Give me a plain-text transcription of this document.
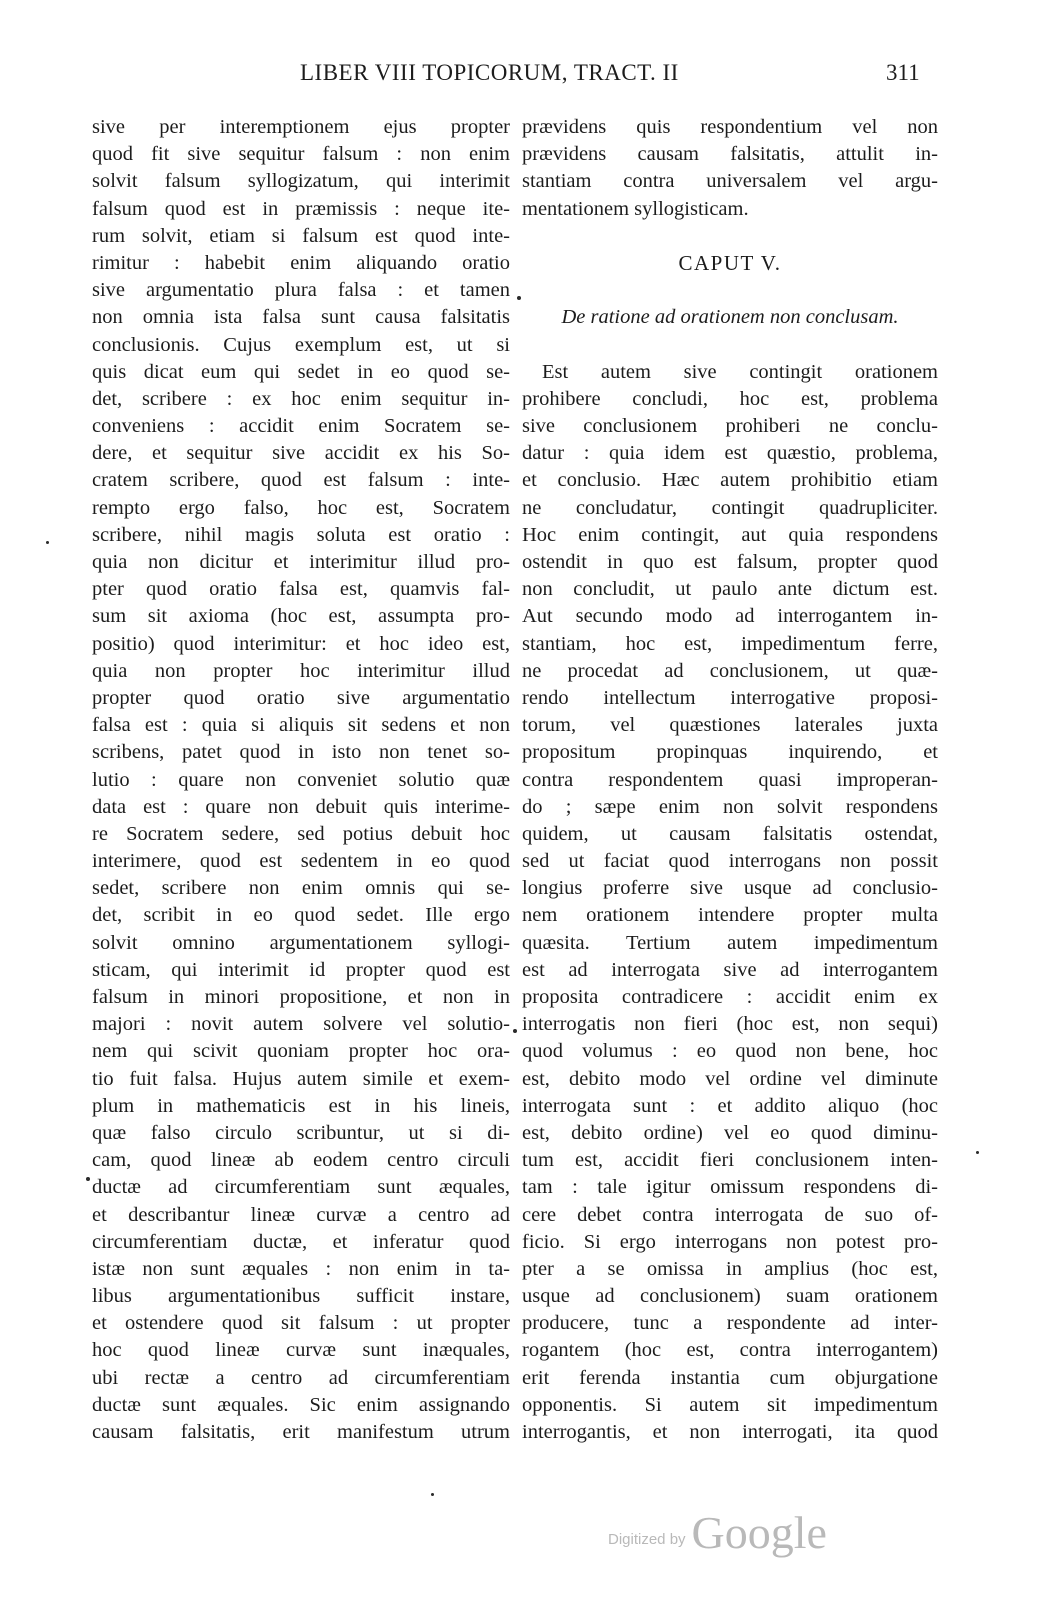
LIBER VIII TOPICORUM, TRACT. II	311
sive per interemptionem ejus propter
quod fit sive sequitur falsum : non enim
solvit falsum syllogizatum, qui interimit
falsum quod est in præmissis : neque ite-
rum solvit, etiam si falsum est quod inte-
rimitur : habebit enim aliquando oratio
sive argumentatio plura falsa : et tamen
non omnia ista falsa sunt causa falsitatis
conclusionis. Cujus exemplum est, ut si
quis dicat eum qui sedet in eo quod se-
det, scribere : ex hoc enim sequitur in-
conveniens : accidit enim Socratem se-
dere, et sequitur sive accidit ex his So-
cratem scribere, quod est falsum : inte-
rempto ergo falso, hoc est, Socratem
scribere, nihil magis soluta est oratio :
quia non dicitur et interimitur illud pro-
pter quod oratio falsa est, quamvis fal-
sum sit axioma (hoc est, assumpta pro-
positio) quod interimitur: et hoc ideo est,
quia non propter hoc interimitur illud
propter quod oratio sive argumentatio
falsa est : quia si aliquis sit sedens et non
scribens, patet quod in isto non tenet so-
lutio : quare non conveniet solutio quæ
data est : quare non debuit quis interime-
re Socratem sedere, sed potius debuit hoc
interimere, quod est sedentem in eo quod
sedet, scribere non enim omnis qui se-
det, scribit in eo quod sedet. Ille ergo
solvit omnino argumentationem syllogi-
sticam, qui interimit id propter quod est
falsum in minori propositione, et non in
majori : novit autem solvere vel solutio-
nem qui scivit quoniam propter hoc ora-
tio fuit falsa. Hujus autem simile et exem-
plum in mathematicis est in his lineis,
quæ falso circulo scribuntur, ut si di-
cam, quod lineæ ab eodem centro circuli
ductæ ad circumferentiam sunt æquales,
et describantur lineæ curvæ a centro ad
circumferentiam ductæ, et inferatur quod
istæ non sunt æquales : non enim in ta-
libus argumentationibus sufficit instare,
et ostendere quod sit falsum : ut propter
hoc quod lineæ curvæ sunt inæquales,
ubi rectæ a centro ad circumferentiam
ductæ sunt æquales. Sic enim assignando
causam falsitatis, erit manifestum utrum
prævidens quis respondentium vel non
prævidens causam falsitatis, attulit in-
stantiam contra universalem vel argu-
mentationem syllogisticam.
CAPUT V.
De ratione ad orationem non conclusam.
Est autem sive contingit orationem
prohibere concludi, hoc est, problema
sive conclusionem prohiberi ne conclu-
datur : quia idem est quæstio, problema,
et conclusio. Hæc autem prohibitio etiam
ne concludatur, contingit quadrupliciter.
Hoc enim contingit, aut quia respondens
ostendit in quo est falsum, propter quod
non concludit, ut paulo ante dictum est.
Aut secundo modo ad interrogantem in-
stantiam, hoc est, impedimentum ferre,
ne procedat ad conclusionem, ut quæ-
rendo intellectum interrogative proposi-
torum, vel quæstiones laterales juxta
propositum propinquas inquirendo, et
contra respondentem quasi improperan-
do ; sæpe enim non solvit respondens
quidem, ut causam falsitatis ostendat,
sed ut faciat quod interrogans non possit
longius proferre sive usque ad conclusio-
nem orationem intendere propter multa
quæsita. Tertium autem impedimentum
est ad interrogata sive ad interrogantem
proposita contradicere : accidit enim ex
interrogatis non fieri (hoc est, non sequi)
quod volumus : eo quod non bene, hoc
est, debito modo vel ordine vel diminute
interrogata sunt : et addito aliquo (hoc
est, debito ordine) vel eo quod diminu-
tum est, accidit fieri conclusionem inten-
tam : tale igitur omissum respondens di-
cere debet contra interrogata de suo of-
ficio. Si ergo interrogans non potest pro-
pter a se omissa in amplius (hoc est,
usque ad conclusionem) suam orationem
producere, tunc a respondente ad inter-
rogantem (hoc est, contra interrogantem)
erit ferenda instantia cum objurgatione
opponentis. Si autem sit impedimentum
interrogantis, et non interrogati, ita quod
Digitized by Google
